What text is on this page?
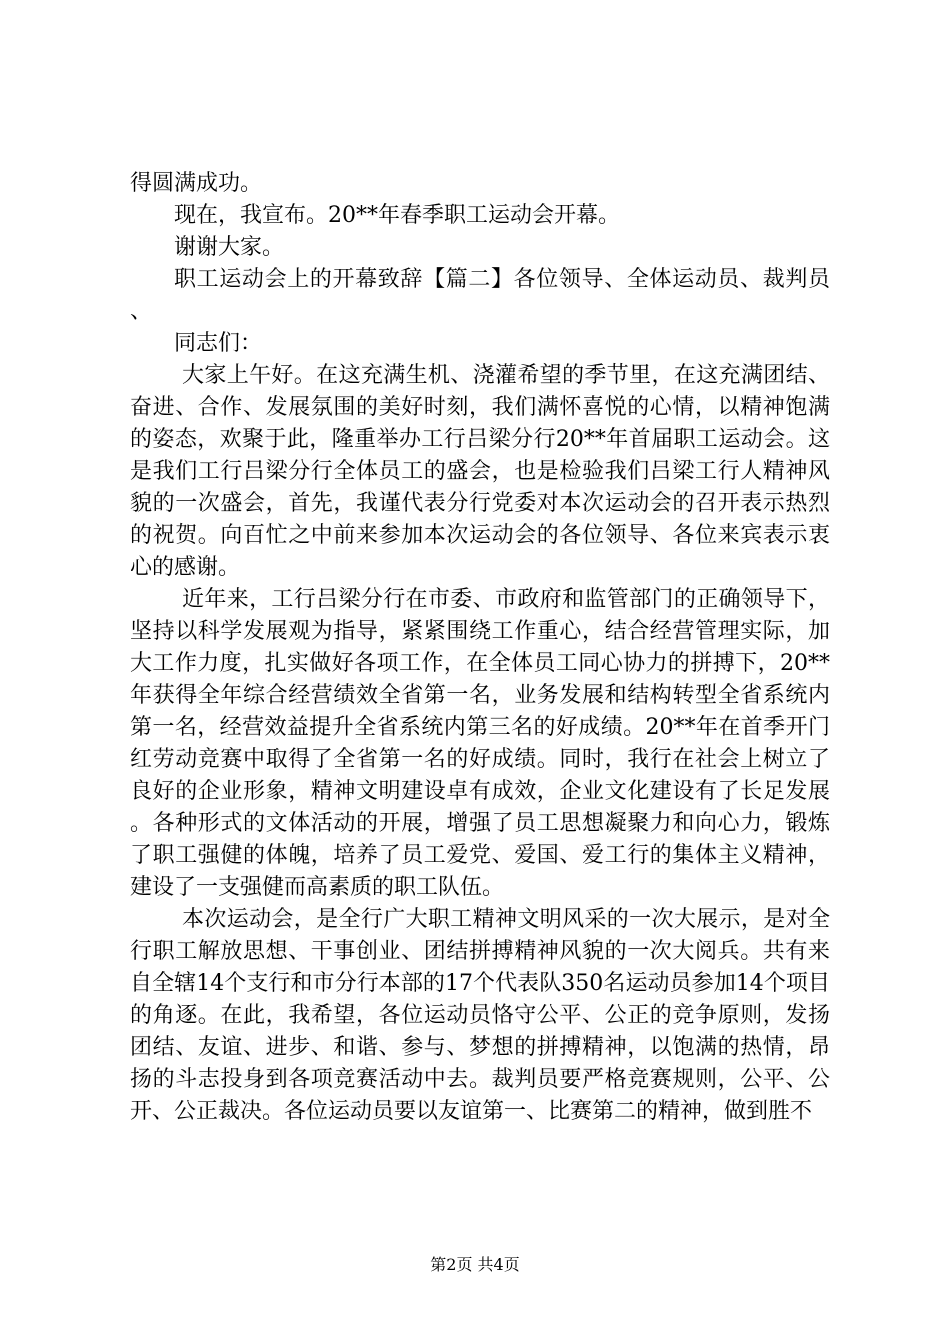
得圆满成功。

现在，我宣布。20**年春季职工运动会开幕。

谢谢大家。

职工运动会上的开幕致辞【篇二】各位领导、全体运动员、裁判员、

同志们：

大家上午好。在这充满生机、浇灌希望的季节里，在这充满团结、奋进、合作、发展氛围的美好时刻，我们满怀喜悦的心情，以精神饱满的姿态，欢聚于此，隆重举办工行吕梁分行20**年首届职工运动会。这是我们工行吕梁分行全体员工的盛会，也是检验我们吕梁工行人精神风貌的一次盛会，首先，我谨代表分行党委对本次运动会的召开表示热烈的祝贺。向百忙之中前来参加本次运动会的各位领导、各位来宾表示衷心的感谢。

近年来，工行吕梁分行在市委、市政府和监管部门的正确领导下，坚持以科学发展观为指导，紧紧围绕工作重心，结合经营管理实际，加大工作力度，扎实做好各项工作，在全体员工同心协力的拼搏下，20**年获得全年综合经营绩效全省第一名，业务发展和结构转型全省系统内第一名，经营效益提升全省系统内第三名的好成绩。20**年在首季开门红劳动竞赛中取得了全省第一名的好成绩。同时，我行在社会上树立了良好的企业形象，精神文明建设卓有成效，企业文化建设有了长足发展。各种形式的文体活动的开展，增强了员工思想凝聚力和向心力，锻炼了职工强健的体魄，培养了员工爱党、爱国、爱工行的集体主义精神，建设了一支强健而高素质的职工队伍。

本次运动会，是全行广大职工精神文明风采的一次大展示，是对全行职工解放思想、干事创业、团结拼搏精神风貌的一次大阅兵。共有来自全辖14个支行和市分行本部的17个代表队350名运动员参加14个项目的角逐。在此，我希望，各位运动员恪守公平、公正的竞争原则，发扬团结、友谊、进步、和谐、参与、梦想的拼搏精神，以饱满的热情，昂扬的斗志投身到各项竞赛活动中去。裁判员要严格竞赛规则，公平、公开、公正裁决。各位运动员要以友谊第一、比赛第二的精神，做到胜不

第2页 共4页
